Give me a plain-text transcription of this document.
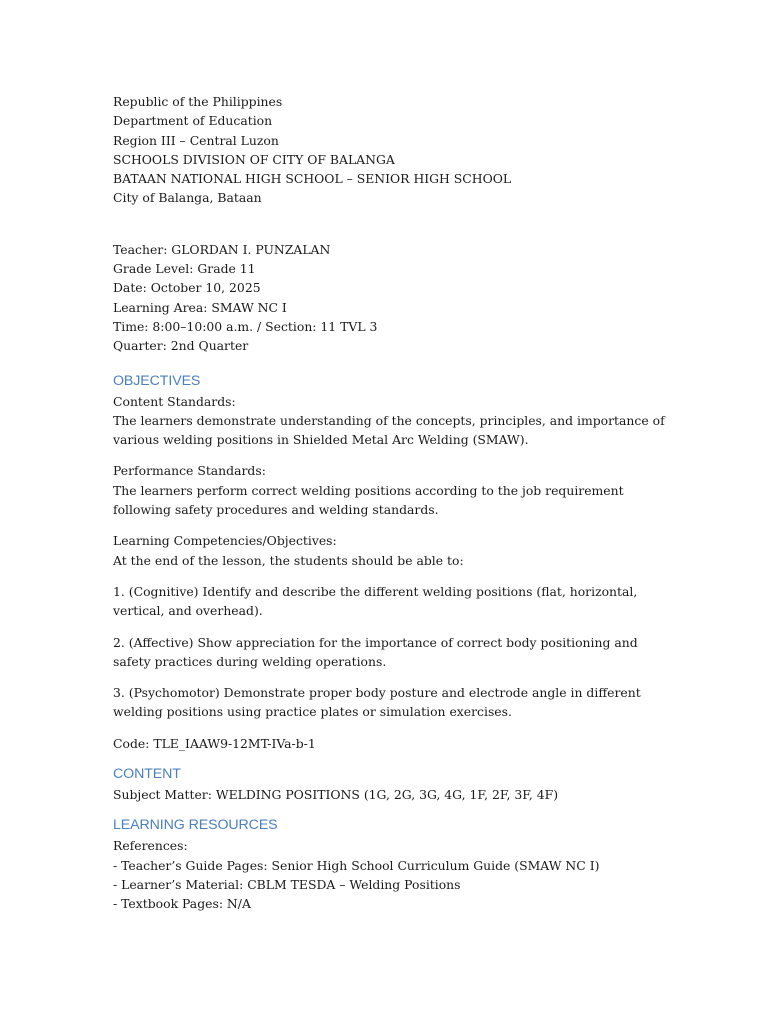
Republic of the Philippines
Department of Education
Region III – Central Luzon
SCHOOLS DIVISION OF CITY OF BALANGA
BATAAN NATIONAL HIGH SCHOOL – SENIOR HIGH SCHOOL
City of Balanga, Bataan
Teacher: GLORDAN I. PUNZALAN
Grade Level: Grade 11
Date: October 10, 2025
Learning Area: SMAW NC I
Time: 8:00–10:00 a.m. / Section: 11 TVL 3
Quarter: 2nd Quarter
OBJECTIVES
Content Standards:
The learners demonstrate understanding of the concepts, principles, and importance of various welding positions in Shielded Metal Arc Welding (SMAW).
Performance Standards:
The learners perform correct welding positions according to the job requirement following safety procedures and welding standards.
Learning Competencies/Objectives:
At the end of the lesson, the students should be able to:
1. (Cognitive) Identify and describe the different welding positions (flat, horizontal, vertical, and overhead).
2. (Affective) Show appreciation for the importance of correct body positioning and safety practices during welding operations.
3. (Psychomotor) Demonstrate proper body posture and electrode angle in different welding positions using practice plates or simulation exercises.
Code: TLE_IAAW9-12MT-IVa-b-1
CONTENT
Subject Matter: WELDING POSITIONS (1G, 2G, 3G, 4G, 1F, 2F, 3F, 4F)
LEARNING RESOURCES
References:
- Teacher’s Guide Pages: Senior High School Curriculum Guide (SMAW NC I)
- Learner’s Material: CBLM TESDA – Welding Positions
- Textbook Pages: N/A
